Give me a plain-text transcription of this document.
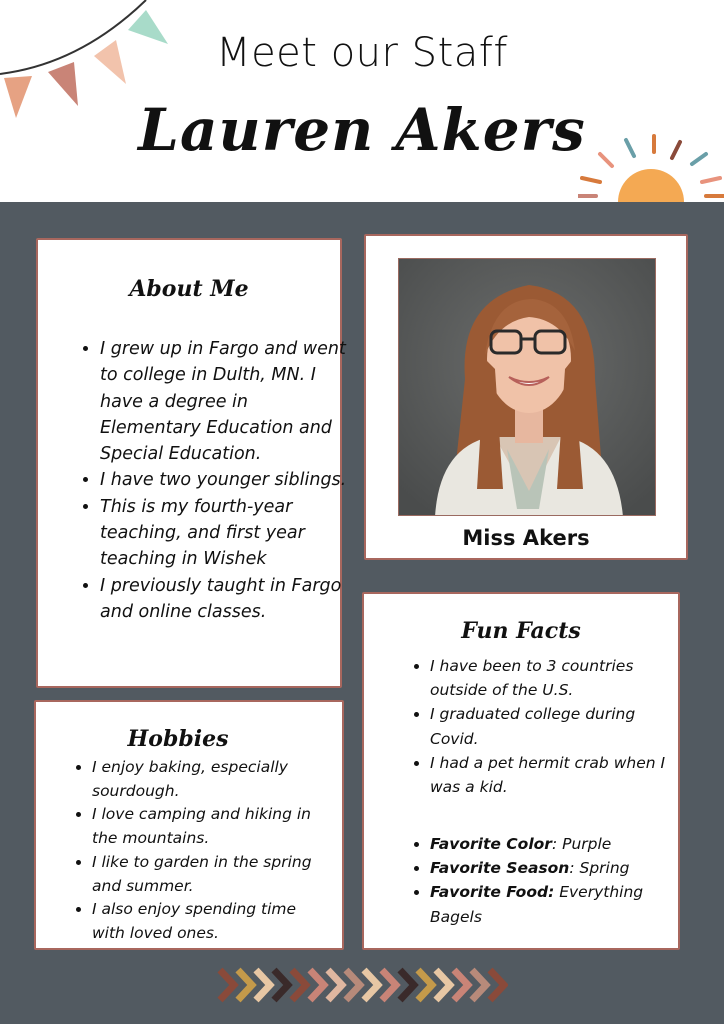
Meet our Staff
Lauren Akers
About Me
• I grew up in Fargo and went to college in Dulth, MN. I have a degree in Elementary Education and Special Education.
• I have two younger siblings.
• This is my fourth-year teaching, and first year teaching in Wishek
• I previously taught in Fargo and online classes.
Miss Akers
Hobbies
• I enjoy baking, especially sourdough.
• I love camping and hiking in the mountains.
• I like to garden in the spring and summer.
• I also enjoy spending time with loved ones.
Fun Facts
• I have been to 3 countries outside of the U.S.
• I graduated college during Covid.
• I had a pet hermit crab when I was a kid.
• Favorite Color: Purple
• Favorite Season: Spring
• Favorite Food: Everything Bagels
